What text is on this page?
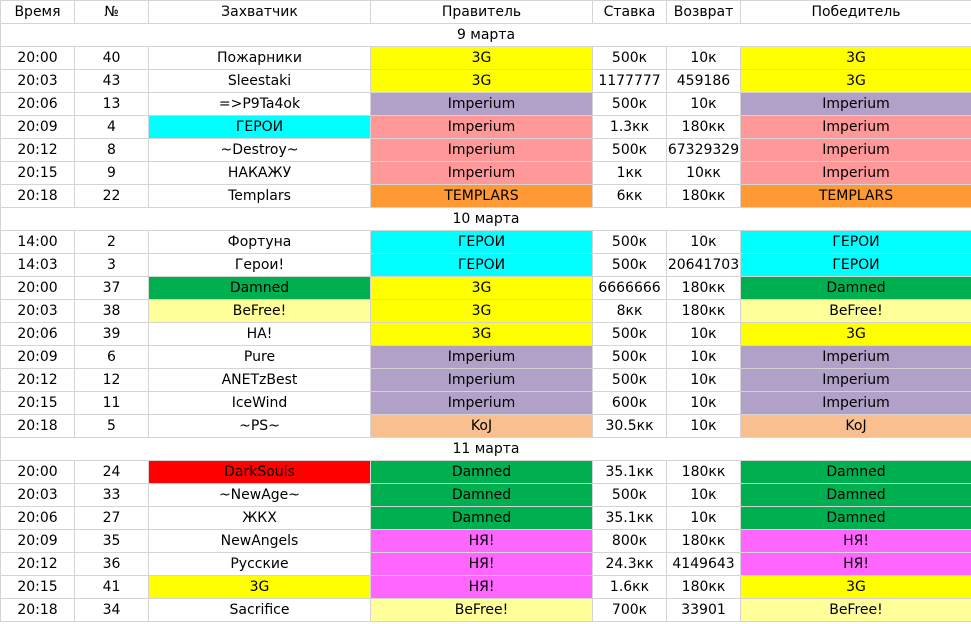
Время	№	Захватчик	Правитель	Ставка	Возврат	Победитель
9 марта						
20:00	40	Пожарники	3G	500к	10к	3G
20:03	43	Sleestaki	3G	1177777	459186	3G
20:06	13	=>P9Ta4ok	Imperium	500к	10к	Imperium
20:09	4	ГЕРОИ	Imperium	1.3кк	180кк	Imperium
20:12	8	~Destroy~	Imperium	500к	67329329	Imperium
20:15	9	НАКАЖУ	Imperium	1кк	10кк	Imperium
20:18	22	Templars	TEMPLARS	6кк	180кк	TEMPLARS
10 марта						
14:00	2	Фортуна	ГЕРОИ	500к	10к	ГЕРОИ
14:03	3	Герои!	ГЕРОИ	500к	20641703	ГЕРОИ
20:00	37	Damned	3G	6666666	180кк	Damned
20:03	38	BeFree!	3G	8кк	180кк	BeFree!
20:06	39	НА!	3G	500к	10к	3G
20:09	6	Pure	Imperium	500к	10к	Imperium
20:12	12	ANETzBest	Imperium	500к	10к	Imperium
20:15	11	IceWind	Imperium	600к	10к	Imperium
20:18	5	~PS~	KoJ	30.5кк	10к	KoJ
11 марта						
20:00	24	DarkSouls	Damned	35.1кк	180кк	Damned
20:03	33	~NewAge~	Damned	500к	10к	Damned
20:06	27	ЖКХ	Damned	35.1кк	10к	Damned
20:09	35	NewAngels	НЯ!	800к	180кк	НЯ!
20:12	36	Русские	НЯ!	24.3кк	4149643	НЯ!
20:15	41	3G	НЯ!	1.6кк	180кк	3G
20:18	34	Sacrifice	BeFree!	700к	33901	BeFree!
